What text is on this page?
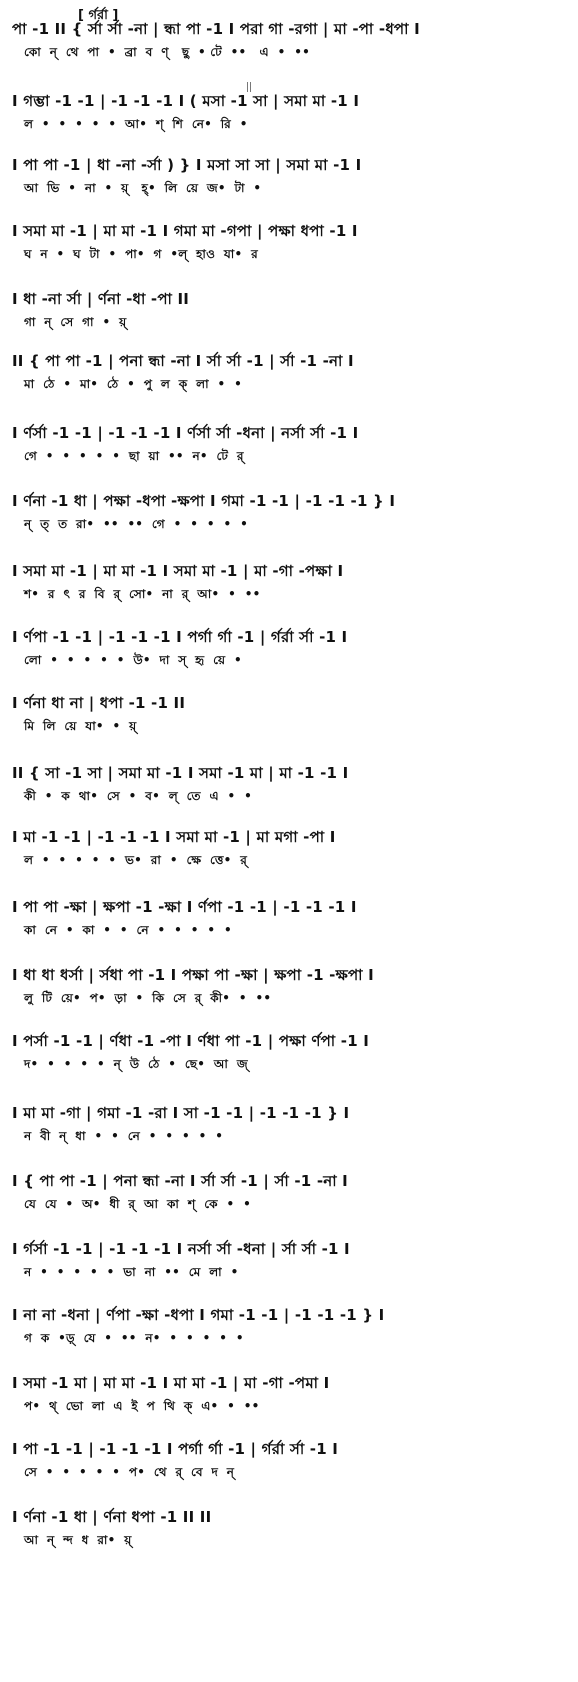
[ র্গর্রা ]
পা -1 II { র্সা র্সা -না | ন্ধা পা -1 I পরা গা -রগা | মা -পা -ধপা I
কো  ন্  থে  পা  •  ব্রা  ব  ণ্   ছু  • টে  ••   এ  •  ••
I গম্ভা -1 -1 | -1 -1 -1 I ( মসা -1 সা | সমা মা -1 I
ল  •  •  •  •  •  আ•  শ্  শি  নে•  রি  •
I পা পা -1 | ধা -না -র্সা ) } I মসা সা সা | সমা মা -1 I
আ  ভি  •  না  •  য়্   হ্•  লি  য়ে  জ•  টা  •
I সমা মা -1 | মা মা -1 I গমা মা -গপা | পক্ষা ধপা -1 I
ঘ  ন  •  ঘ  টা  •  পা•  গ  •ল্  হাও  যা•  র
I ধা -না র্সা | র্ণনা -ধা -পা II
গা  ন্  সে  গা  •  য়্
II { পা পা -1 | পনা ন্ধা -না I র্সা র্সা -1 | র্সা -1 -না I
মা  ঠে  •  মা•  ঠে  •  পু  ল  ক্  লা  •  •
I র্ণর্সা -1 -1 | -1 -1 -1 I র্ণর্সা র্সা -ধনা | নর্সা র্সা -1 I
গে  •  •  •  •  •  ছা  য়া  ••  ন•  টে  র্
I র্ণনা -1 ধা | পক্ষা -ধপা -ক্ষপা I গমা -1 -1 | -1 -1 -1 } I
ন্  ত্  ত  রা•  ••  ••  গে  •  •  •  •  •
I সমা মা -1 | মা মা -1 I সমা মা -1 | মা -গা -পক্ষা I
শ•  র  ৎ  র  বি  র্  সো•  না  র্  আ•  •  ••
I র্ণপা -1 -1 | -1 -1 -1 I পর্গা র্গা -1 | র্গর্রা র্সা -1 I
লো  •  •  •  •  •  উ•  দা  স্  হৃ  য়ে  •
I র্ণনা ধা না | ধপা -1 -1 II
মি  লি  য়ে  যা•  •  য়্
II { সা -1 সা | সমা মা -1 I সমা -1 মা | মা -1 -1 I
কী  •  ক  থা•  সে  •  ব•  ল্  তে  এ  •  •
I মা -1 -1 | -1 -1 -1 I সমা মা -1 | মা মগা -পা I
ল  •  •  •  •  •  ভ•  রা  •  ক্ষে  ত্তে•  র্
I পা পা -ক্ষা | ক্ষপা -1 -ক্ষা I র্ণপা -1 -1 | -1 -1 -1 I
কা  নে  •  কা  •  •  নে  •  •  •  •  •
I ধা ধা ধর্সা | র্সধা পা -1 I পক্ষা পা -ক্ষা | ক্ষপা -1 -ক্ষপা I
লু  টি  য়ে•  প•  ড়া  •  কি  সে  র্  কী•  •  ••
I পর্সা -1 -1 | র্ণধা -1 -পা I র্ণধা পা -1 | পক্ষা র্ণপা -1 I
দ•  •  •  •  •  ন্  উ  ঠে  •  ছে•  আ  জ্
I মা মা -গা | গমা -1 -রা I সা -1 -1 | -1 -1 -1 } I
ন  বী  ন্  ধা  •  •  নে  •  •  •  •  •
I { পা পা -1 | পনা ন্ধা -না I র্সা র্সা -1 | র্সা -1 -না I
যে  যে  •  অ•  ধী  র্  আ  কা  শ্  কে  •  •
I র্গর্সা -1 -1 | -1 -1 -1 I নর্সা র্সা -ধনা | র্সা র্সা -1 I
ন  •  •  •  •  •  ভা  না  ••  মে  লা  •
I না না -ধনা | র্ণপা -ক্ষা -ধপা I গমা -1 -1 | -1 -1 -1 } I
গ  ক  •ড়্  যে  •  ••  ন•  •  •  •  •  •
I সমা -1 মা | মা মা -1 I মা মা -1 | মা -গা -পমা I
প•  থ্  ভো  লা  এ  ই  প  থি  ক্  এ•  •  ••
I পা -1 -1 | -1 -1 -1 I পর্গা র্গা -1 | র্গর্রা র্সা -1 I
সে  •  •  •  •  •  প•  থে  র্  বে  দ  ন্
I র্ণনা -1 ধা | র্ণনা ধপা -1 II II
আ  ন্  ন্দ  ধ  রা•  য়্
